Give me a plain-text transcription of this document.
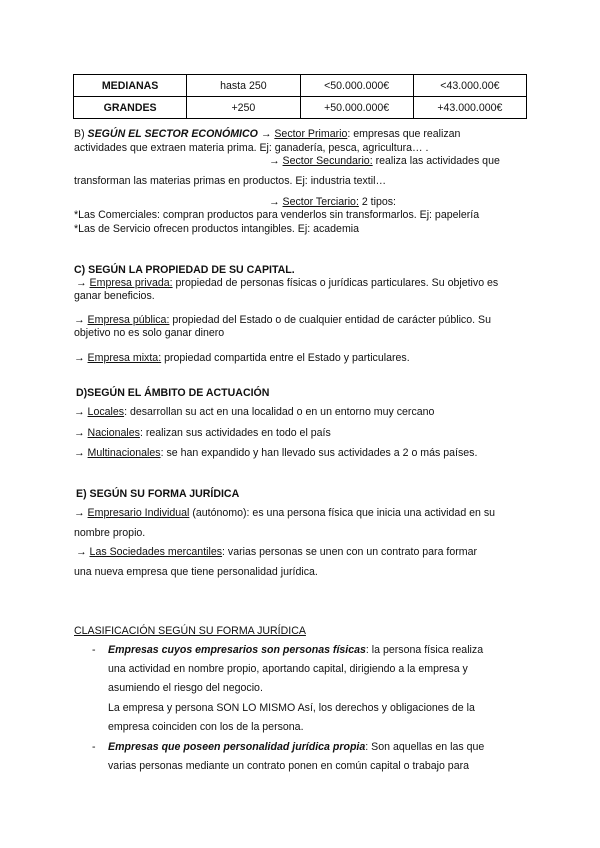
MEDIANAS	hasta 250	<50.000.000€	<43.000.00€
GRANDES	+250	+50.000.000€	+43.000.000€
B) SEGÚN EL SECTOR ECONÓMICO → Sector Primario: empresas que realizan
actividades que extraen materia prima. Ej: ganadería, pesca, agricultura… .
→ Sector Secundario: realiza las actividades que
transforman las materias primas en productos. Ej: industria textil…
→ Sector Terciario: 2 tipos:
*Las Comerciales: compran productos para venderlos sin transformarlos. Ej: papelería
*Las de Servicio ofrecen productos intangibles. Ej: academia
C) SEGÚN LA PROPIEDAD DE SU CAPITAL.
→ Empresa privada: propiedad de personas físicas o jurídicas particulares. Su objetivo es
ganar beneficios.
→ Empresa pública: propiedad del Estado o de cualquier entidad de carácter público. Su
objetivo no es solo ganar dinero
→ Empresa mixta: propiedad compartida entre el Estado y particulares.
D)SEGÚN EL ÁMBITO DE ACTUACIÓN
→ Locales: desarrollan su act en una localidad o en un entorno muy cercano
→ Nacionales: realizan sus actividades en todo el país
→ Multinacionales: se han expandido y han llevado sus actividades a 2 o más países.
E) SEGÚN SU FORMA JURÍDICA
→ Empresario Individual (autónomo): es una persona física que inicia una actividad en su
nombre propio.
→ Las Sociedades mercantiles: varias personas se unen con un contrato para formar
una nueva empresa que tiene personalidad jurídica.
CLASIFICACIÓN SEGÚN SU FORMA JURÍDICA
- Empresas cuyos empresarios son personas físicas: la persona física realiza
una actividad en nombre propio, aportando capital, dirigiendo a la empresa y
asumiendo el riesgo del negocio.
La empresa y persona SON LO MISMO Así, los derechos y obligaciones de la
empresa coinciden con los de la persona.
- Empresas que poseen personalidad jurídica propia: Son aquellas en las que
varias personas mediante un contrato ponen en común capital o trabajo para
